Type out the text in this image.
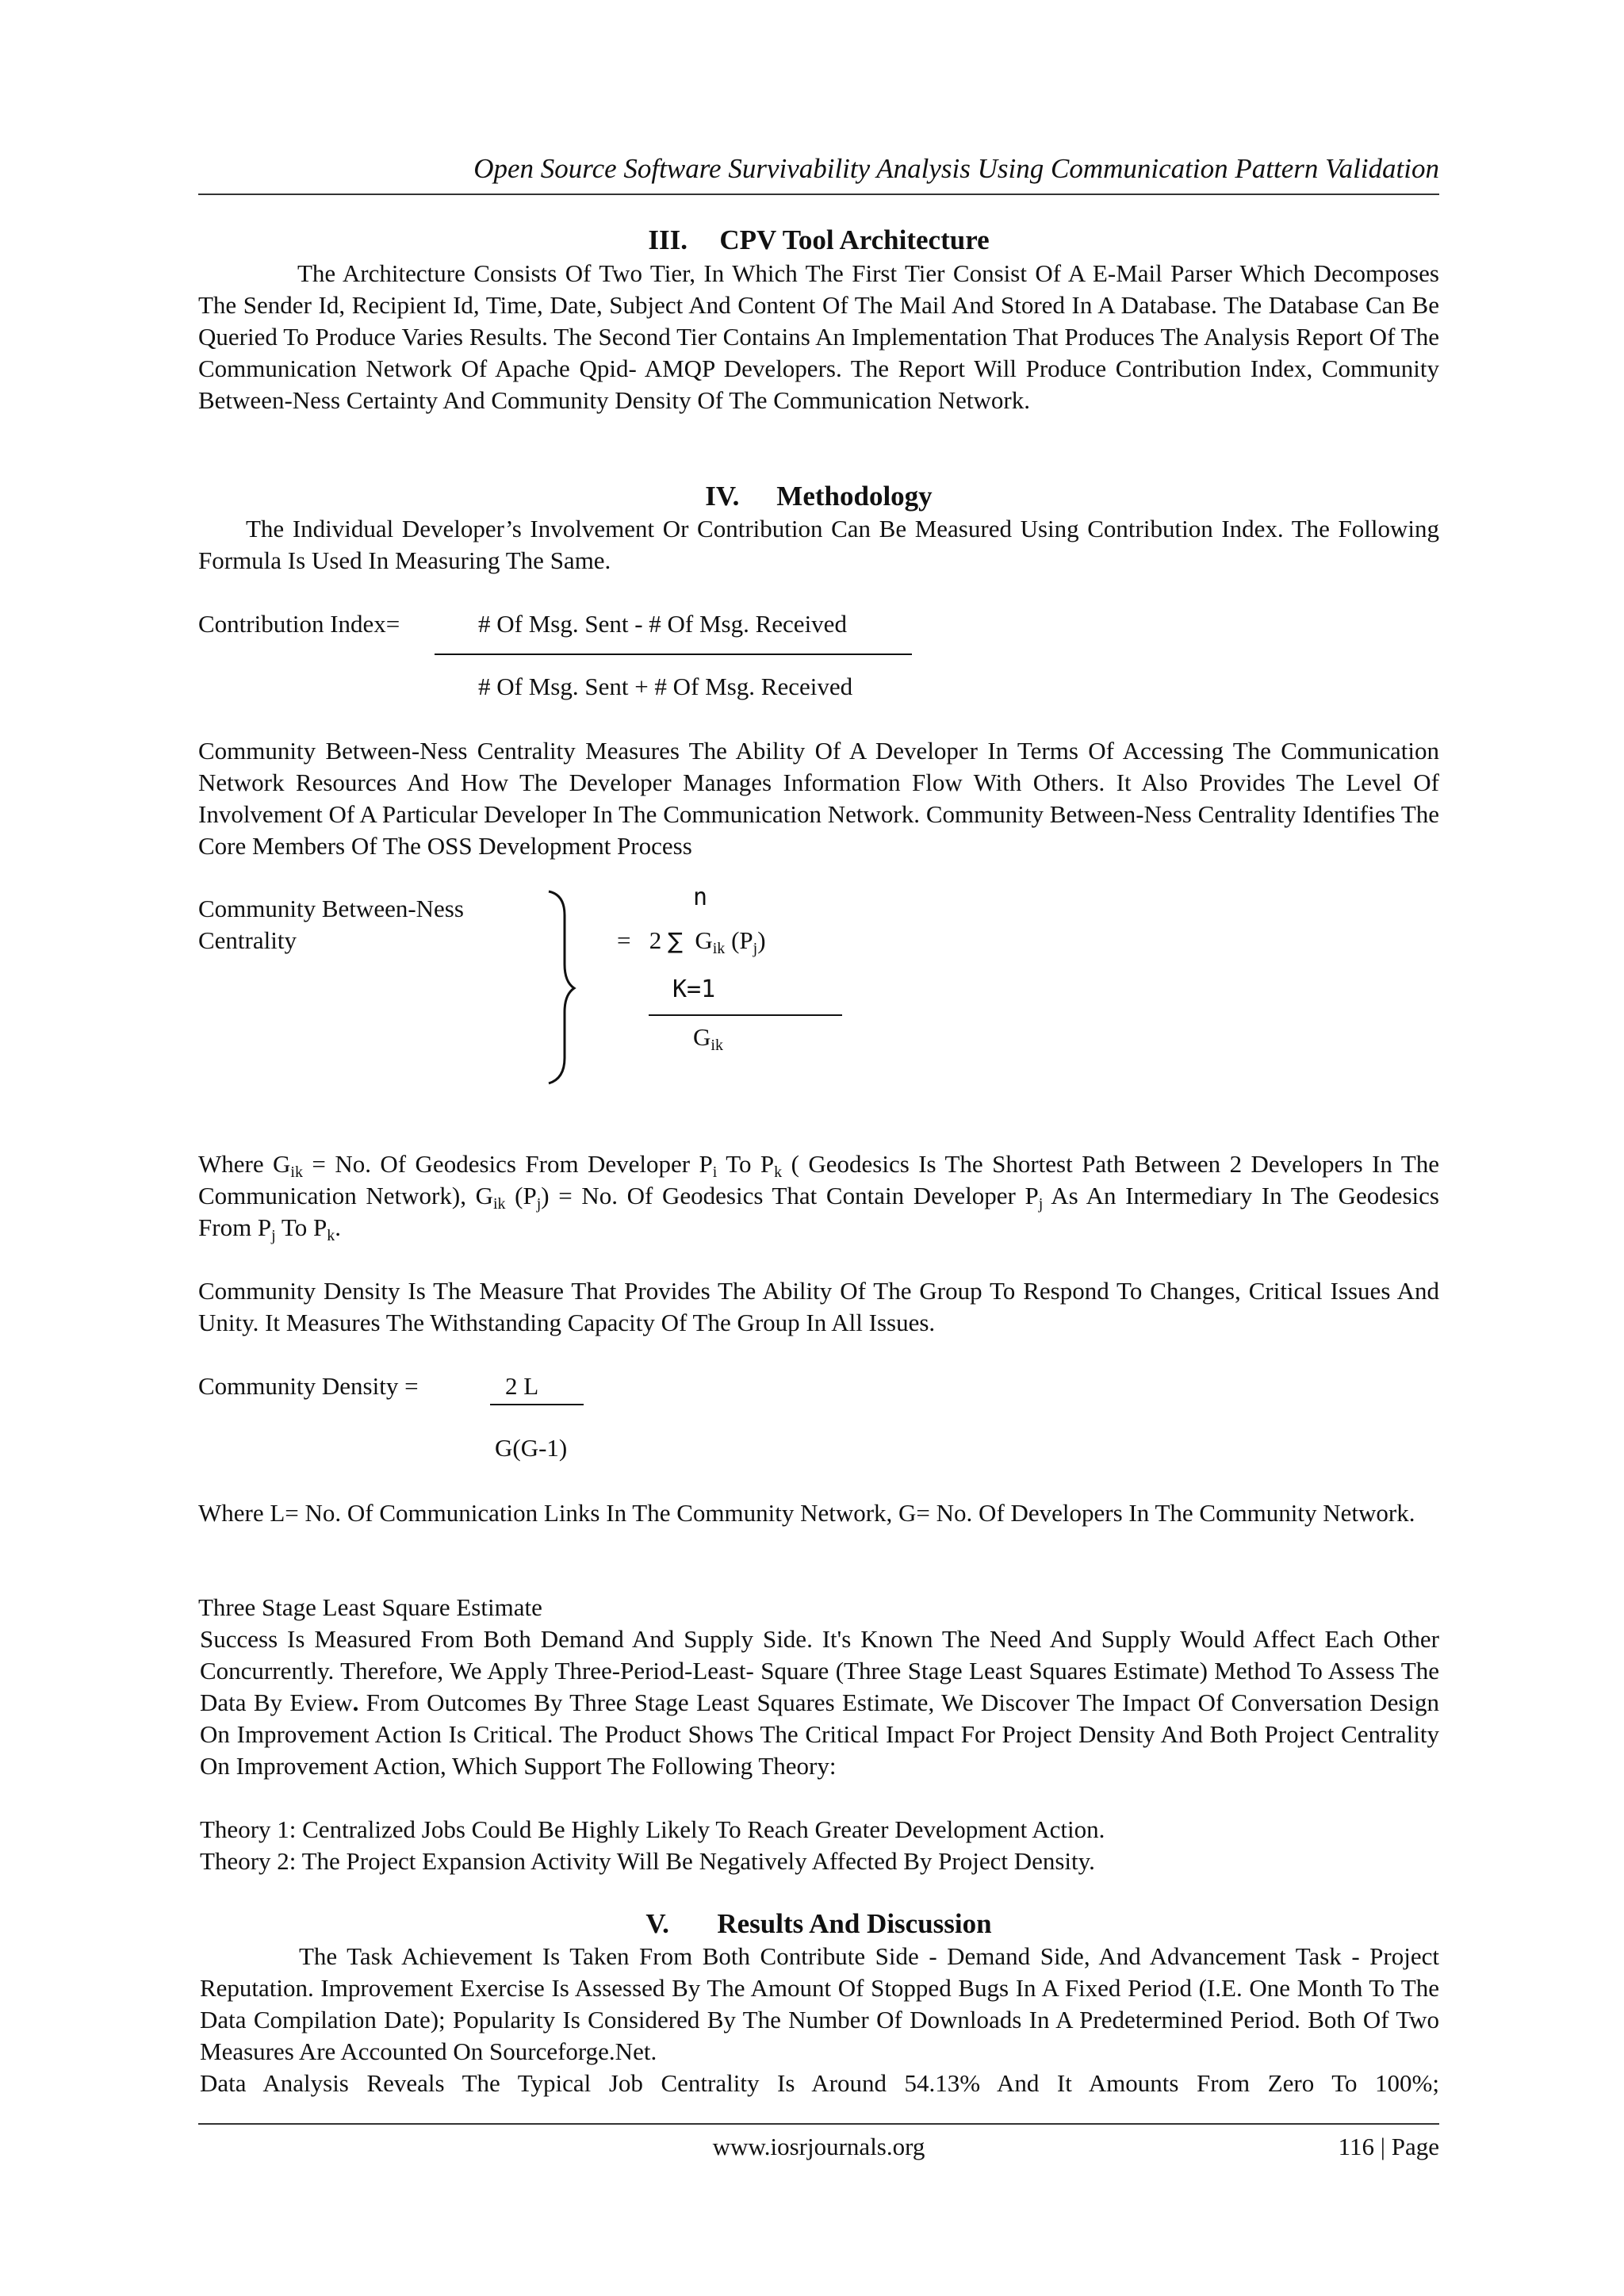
Open Source Software Survivability Analysis Using Communication Pattern Validation
III. CPV Tool Architecture
The Architecture Consists Of Two Tier, In Which The First Tier Consist Of A E-Mail Parser Which Decomposes The Sender Id, Recipient Id, Time, Date, Subject And Content Of The Mail And Stored In A Database. The Database Can Be Queried To Produce Varies Results. The Second Tier Contains An Implementation That Produces The Analysis Report Of The Communication Network Of Apache Qpid- AMQP Developers. The Report Will Produce Contribution Index, Community Between-Ness Certainty And Community Density Of The Communication Network.
IV. Methodology
The Individual Developer’s Involvement Or Contribution Can Be Measured Using Contribution Index. The Following Formula Is Used In Measuring The Same.
Contribution Index=	# Of Msg. Sent - # Of Msg. Received
# Of Msg. Sent + # Of Msg. Received
Community Between-Ness Centrality Measures The Ability Of A Developer In Terms Of Accessing The Communication Network Resources And How The Developer Manages Information Flow With Others. It Also Provides The Level Of Involvement Of A Particular Developer In The Communication Network. Community Between-Ness Centrality Identifies The Core Members Of The OSS Development Process
Community Between-Ness
Centrality
n
= 2 ∑ $G_{ik}$ $(P_j)$
K=1
$G_{ik}$
Where $G_{ik} = No$. Of Geodesics From Developer $P_i$ To $P_k$ ( Geodesics Is The Shortest Path Between 2 Developers In The Communication Network), $G_{ik}$ $(P_j) = No$. Of Geodesics That Contain Developer $P_j$ As An Intermediary In The Geodesics From $P_j$ To $P_k$.
Community Density Is The Measure That Provides The Ability Of The Group To Respond To Changes, Critical Issues And Unity. It Measures The Withstanding Capacity Of The Group In All Issues.
Community Density =	2 L
G(G-1)
Where L= No. Of Communication Links In The Community Network, G= No. Of Developers In The Community Network.
Three Stage Least Square Estimate
Success Is Measured From Both Demand And Supply Side. It's Known The Need And Supply Would Affect Each Other Concurrently. Therefore, We Apply Three-Period-Least- Square (Three Stage Least Squares Estimate) Method To Assess The Data By Eview. From Outcomes By Three Stage Least Squares Estimate, We Discover The Impact Of Conversation Design On Improvement Action Is Critical. The Product Shows The Critical Impact For Project Density And Both Project Centrality On Improvement Action, Which Support The Following Theory:
Theory 1: Centralized Jobs Could Be Highly Likely To Reach Greater Development Action.
Theory 2: The Project Expansion Activity Will Be Negatively Affected By Project Density.
V. Results And Discussion
The Task Achievement Is Taken From Both Contribute Side - Demand Side, And Advancement Task - Project Reputation. Improvement Exercise Is Assessed By The Amount Of Stopped Bugs In A Fixed Period (I.E. One Month To The Data Compilation Date); Popularity Is Considered By The Number Of Downloads In A Predetermined Period. Both Of Two Measures Are Accounted On Sourceforge.Net.
Data Analysis Reveals The Typical Job Centrality Is Around 54.13% And It Amounts From Zero To 100%;
www.iosrjournals.org	116 | Page
